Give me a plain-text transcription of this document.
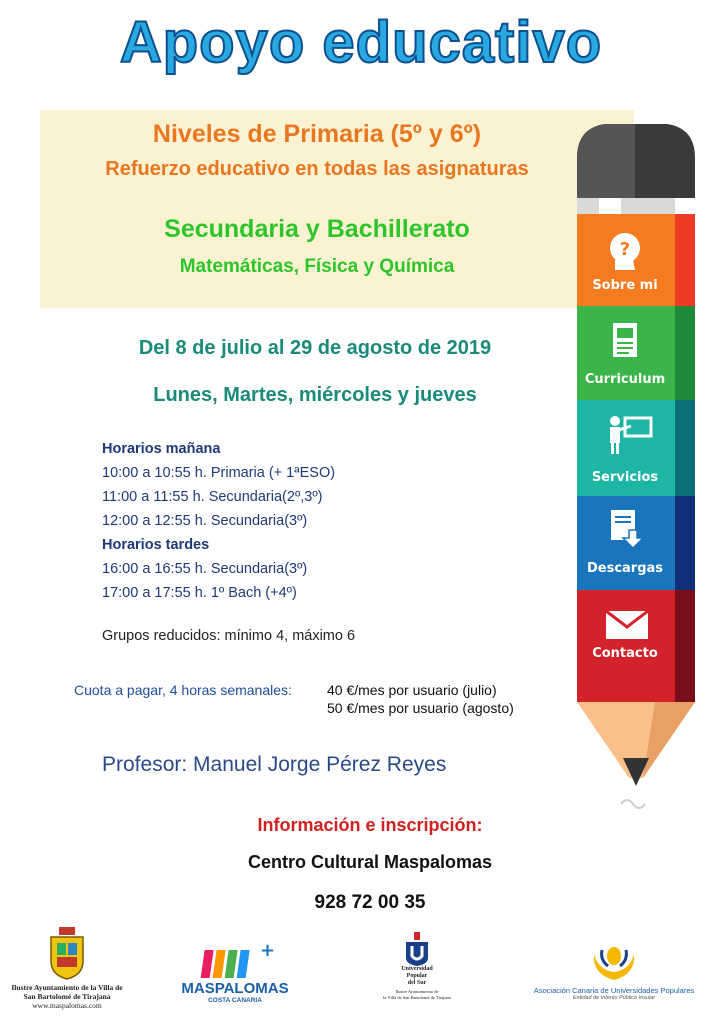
Apoyo educativo
Niveles de Primaria (5º y 6º)
Refuerzo educativo en todas las asignaturas
Secundaria y Bachillerato
Matemáticas, Física y Química
Del 8 de julio al 29 de agosto de 2019
Lunes, Martes, miércoles y jueves
Horarios mañana
10:00 a 10:55 h. Primaria (+ 1ªESO)
11:00 a 11:55 h. Secundaria(2º,3º)
12:00 a 12:55 h. Secundaria(3º)
Horarios tardes
16:00 a 16:55 h. Secundaria(3º)
17:00 a 17:55 h. 1º Bach (+4º)
Grupos reducidos: mínimo 4, máximo 6
Cuota a pagar, 4 horas semanales:	40 €/mes por usuario (julio)
50 €/mes por usuario (agosto)
Profesor: Manuel Jorge Pérez Reyes
Información e inscripción:
Centro Cultural Maspalomas
928 72 00 35
?
Sobre mi
Curriculum
Servicios
Descargas
Contacto
Ilustre Ayuntamiento de la Villa de
San Bartolomé de Tirajana
www.maspalomas.com
+
MASPALOMAS
COSTA CANARIA
Universidad
Popular
del Sur
Ilustre Ayuntamiento de
la Villa de San Bartolomé de Tirajana
Asociación Canaria de Universidades Populares
Entidad de Interés Público Insular
